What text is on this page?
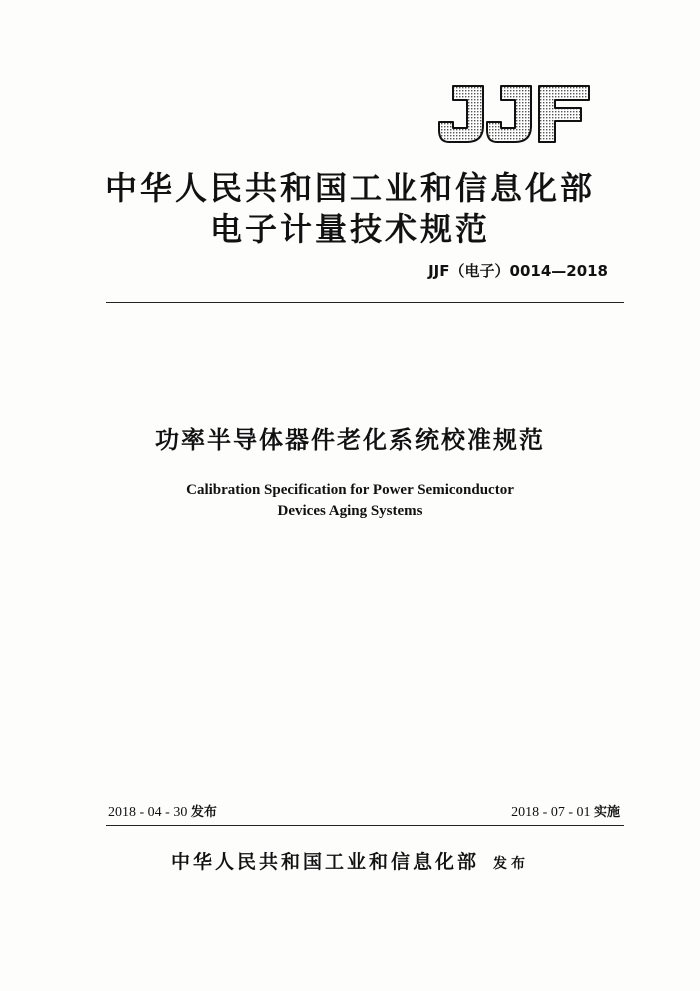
JJF
中华人民共和国工业和信息化部
电子计量技术规范
JJF（电子）0014—2018
功率半导体器件老化系统校准规范
Calibration Specification for Power Semiconductor
Devices Aging Systems
2018 - 04 - 30 发布	2018 - 07 - 01 实施
中华人民共和国工业和信息化部 发布
